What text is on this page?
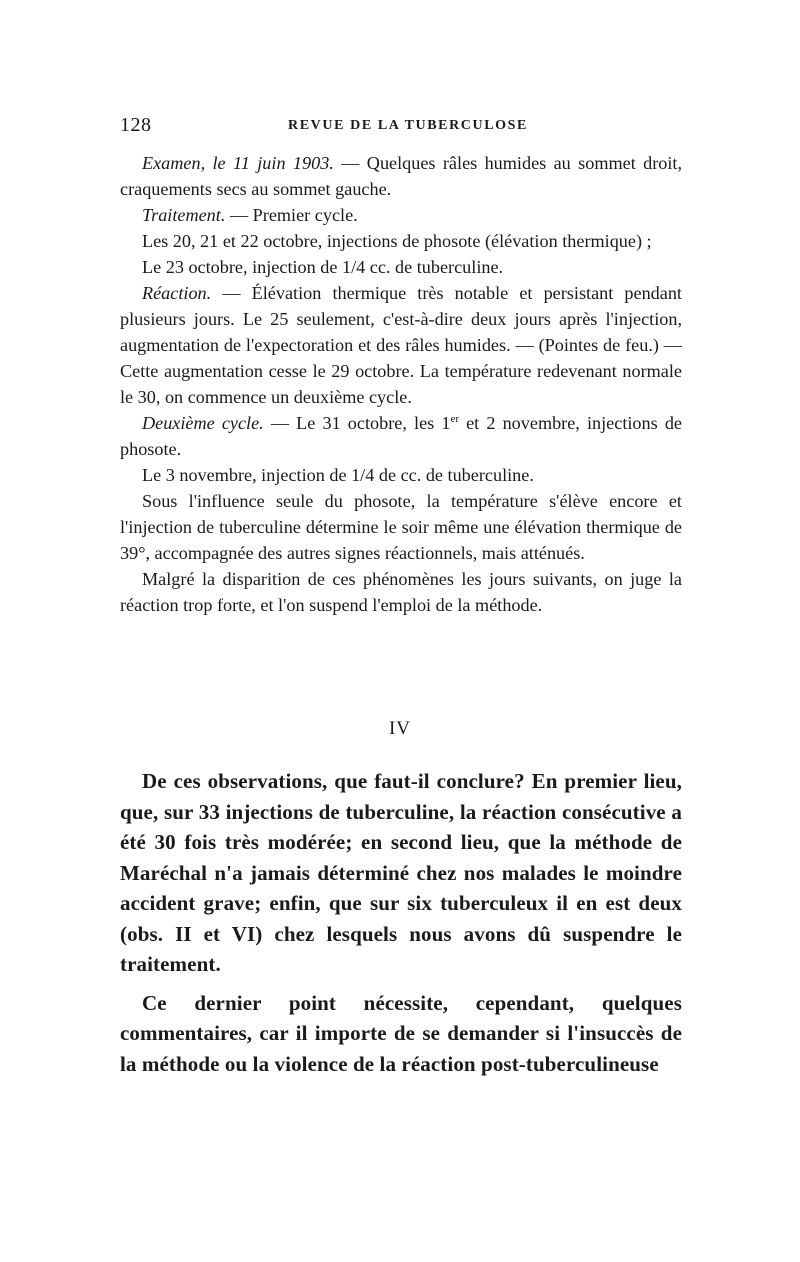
128	REVUE DE LA TUBERCULOSE

Examen, le 11 juin 1903. — Quelques râles humides au sommet droit, craquements secs au sommet gauche.

Traitement. — Premier cycle.

Les 20, 21 et 22 octobre, injections de phosote (élévation thermique) ;

Le 23 octobre, injection de 1/4 cc. de tuberculine.

Réaction. — Élévation thermique très notable et persistant pendant plusieurs jours. Le 25 seulement, c'est-à-dire deux jours après l'injection, augmentation de l'expectoration et des râles humides. — (Pointes de feu.) — Cette augmentation cesse le 29 octobre. La température redevenant normale le 30, on commence un deuxième cycle.

Deuxième cycle. — Le 31 octobre, les 1er et 2 novembre, injections de phosote.

Le 3 novembre, injection de 1/4 de cc. de tuberculine.

Sous l'influence seule du phosote, la température s'élève encore et l'injection de tuberculine détermine le soir même une élévation thermique de 39°, accompagnée des autres signes réactionnels, mais atténués.

Malgré la disparition de ces phénomènes les jours suivants, on juge la réaction trop forte, et l'on suspend l'emploi de la méthode.

IV

De ces observations, que faut-il conclure? En premier lieu, que, sur 33 injections de tuberculine, la réaction consécutive a été 30 fois très modérée; en second lieu, que la méthode de Maréchal n'a jamais déterminé chez nos malades le moindre accident grave; enfin, que sur six tuberculeux il en est deux (obs. II et VI) chez lesquels nous avons dû suspendre le traitement.

Ce dernier point nécessite, cependant, quelques commentaires, car il importe de se demander si l'insuccès de la méthode ou la violence de la réaction post-tuberculineuse
